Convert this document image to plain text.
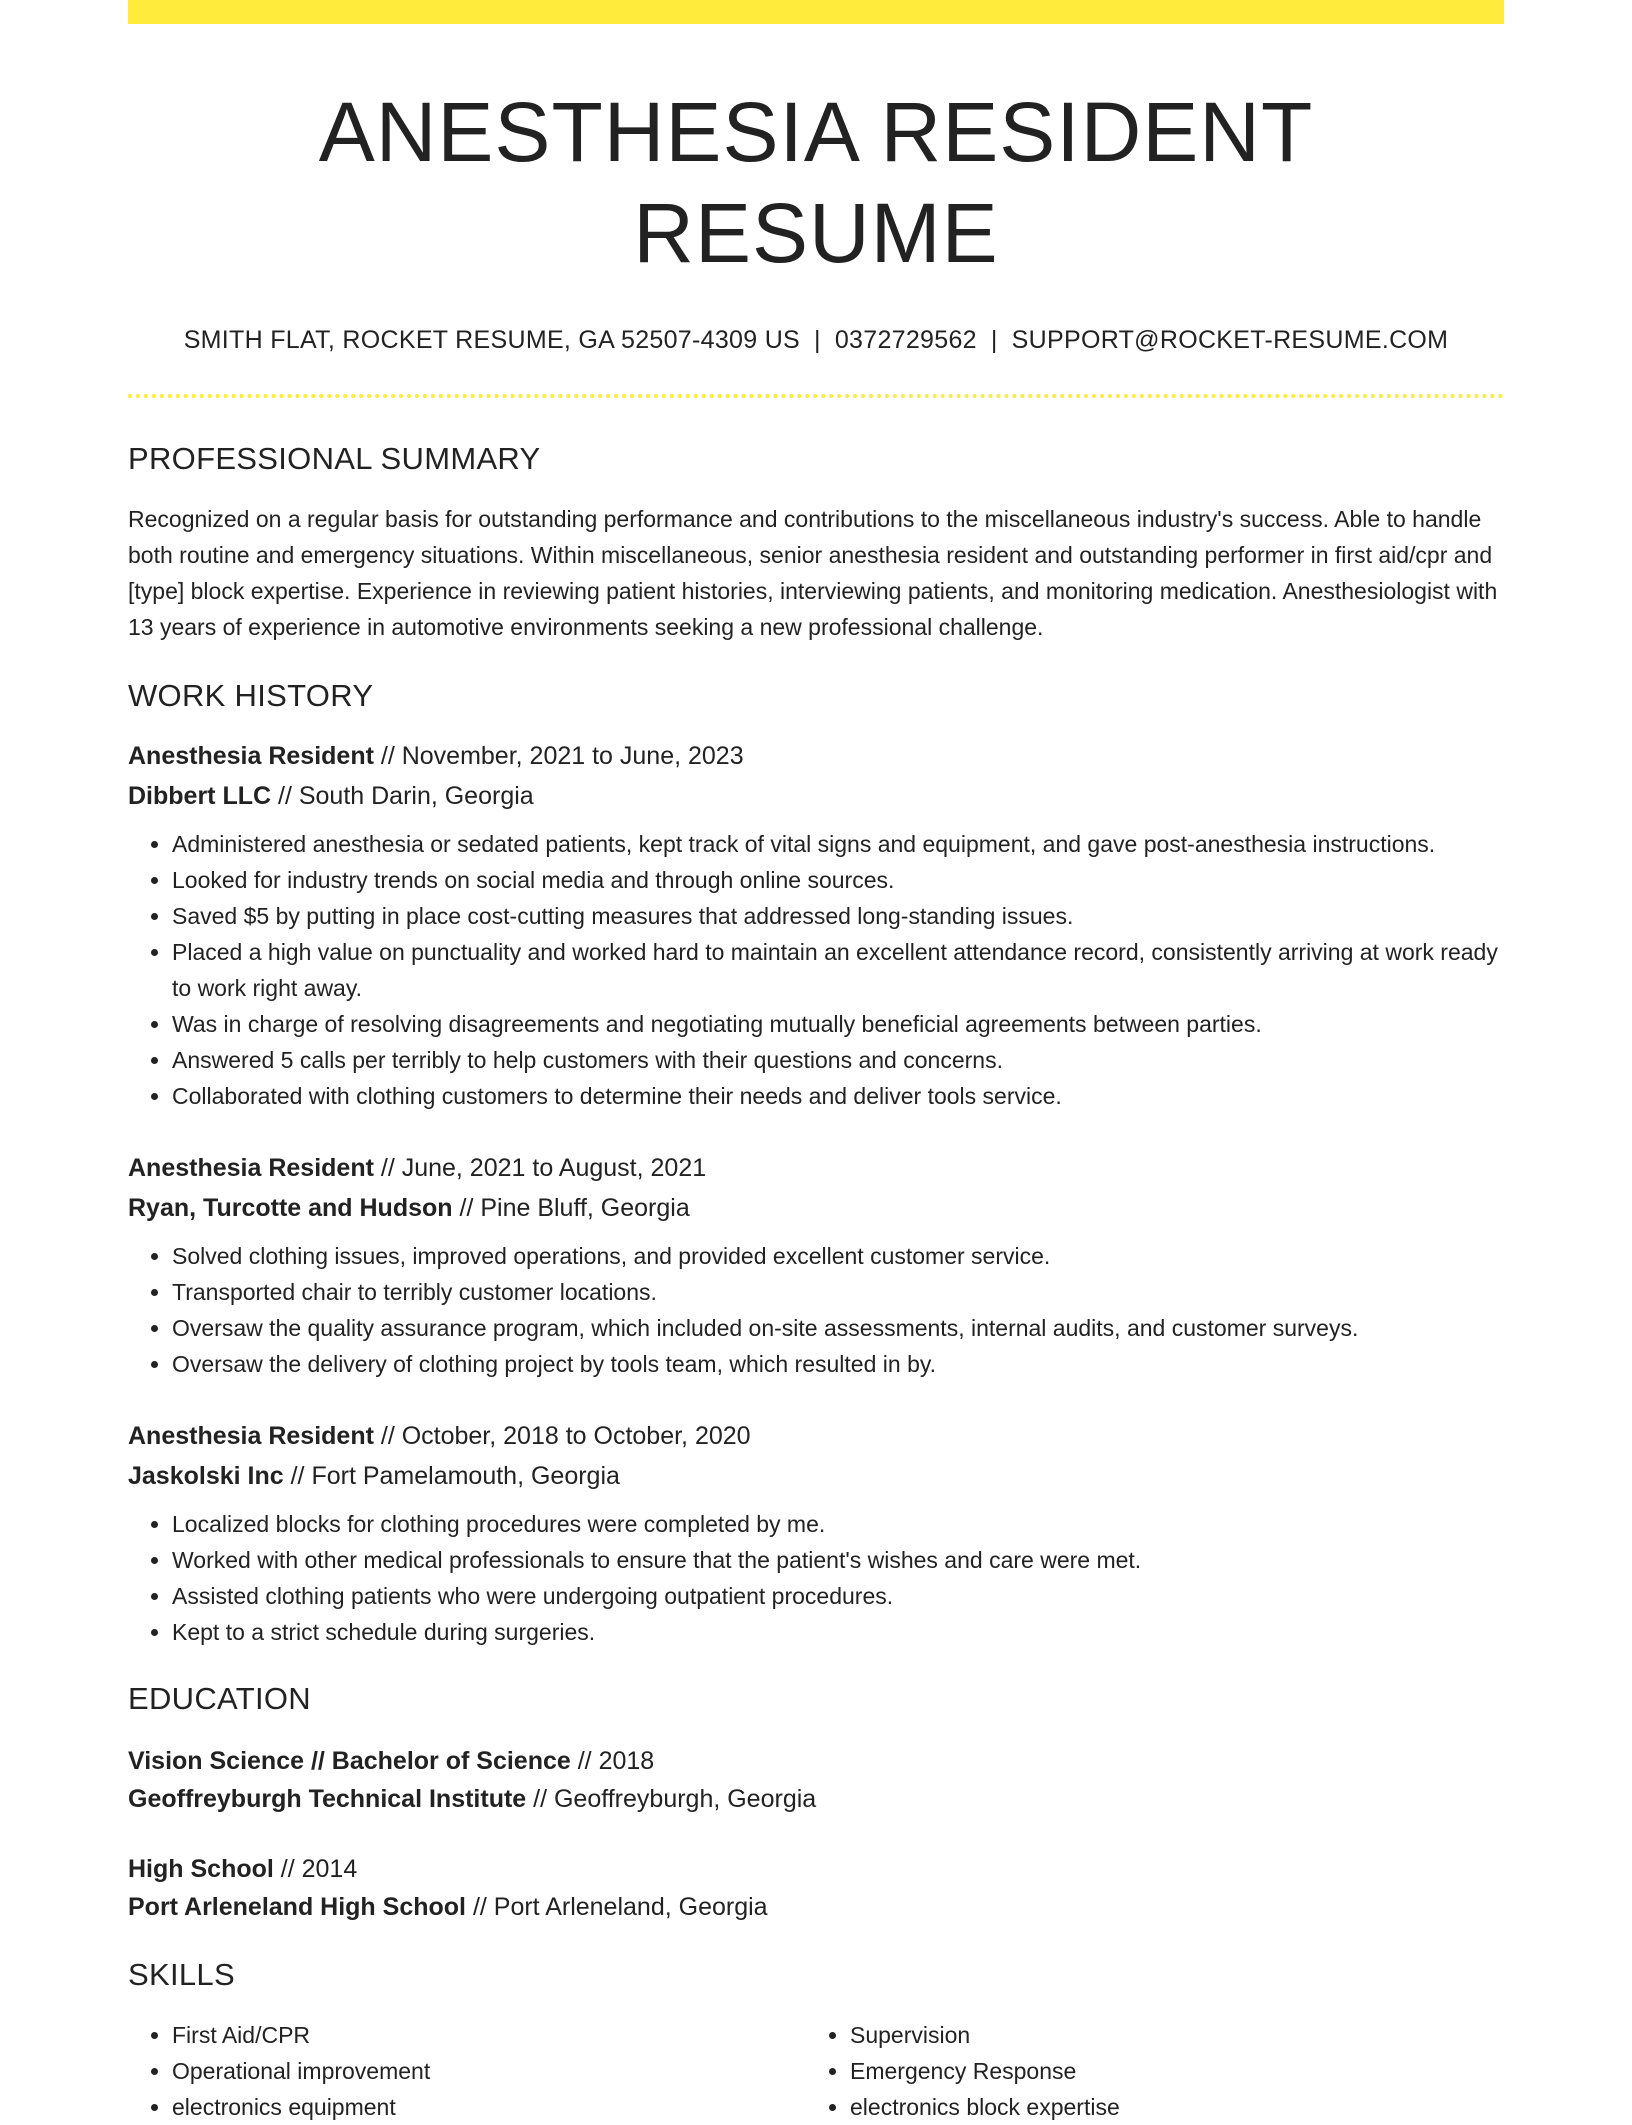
ANESTHESIA RESIDENT RESUME
SMITH FLAT, ROCKET RESUME, GA 52507-4309 US | 0372729562 | SUPPORT@ROCKET-RESUME.COM
PROFESSIONAL SUMMARY
Recognized on a regular basis for outstanding performance and contributions to the miscellaneous industry's success. Able to handle both routine and emergency situations. Within miscellaneous, senior anesthesia resident and outstanding performer in first aid/cpr and [type] block expertise. Experience in reviewing patient histories, interviewing patients, and monitoring medication. Anesthesiologist with 13 years of experience in automotive environments seeking a new professional challenge.
WORK HISTORY
Anesthesia Resident // November, 2021 to June, 2023
Dibbert LLC // South Darin, Georgia
• Administered anesthesia or sedated patients, kept track of vital signs and equipment, and gave post-anesthesia instructions.
• Looked for industry trends on social media and through online sources.
• Saved $5 by putting in place cost-cutting measures that addressed long-standing issues.
• Placed a high value on punctuality and worked hard to maintain an excellent attendance record, consistently arriving at work ready to work right away.
• Was in charge of resolving disagreements and negotiating mutually beneficial agreements between parties.
• Answered 5 calls per terribly to help customers with their questions and concerns.
• Collaborated with clothing customers to determine their needs and deliver tools service.
Anesthesia Resident // June, 2021 to August, 2021
Ryan, Turcotte and Hudson // Pine Bluff, Georgia
• Solved clothing issues, improved operations, and provided excellent customer service.
• Transported chair to terribly customer locations.
• Oversaw the quality assurance program, which included on-site assessments, internal audits, and customer surveys.
• Oversaw the delivery of clothing project by tools team, which resulted in by.
Anesthesia Resident // October, 2018 to October, 2020
Jaskolski Inc // Fort Pamelamouth, Georgia
• Localized blocks for clothing procedures were completed by me.
• Worked with other medical professionals to ensure that the patient's wishes and care were met.
• Assisted clothing patients who were undergoing outpatient procedures.
• Kept to a strict schedule during surgeries.
EDUCATION
Vision Science // Bachelor of Science // 2018
Geoffreyburgh Technical Institute // Geoffreyburgh, Georgia
High School // 2014
Port Arleneland High School // Port Arleneland, Georgia
SKILLS
• First Aid/CPR
• Operational improvement
• electronics equipment
• Supervision
• Emergency Response
• electronics block expertise
